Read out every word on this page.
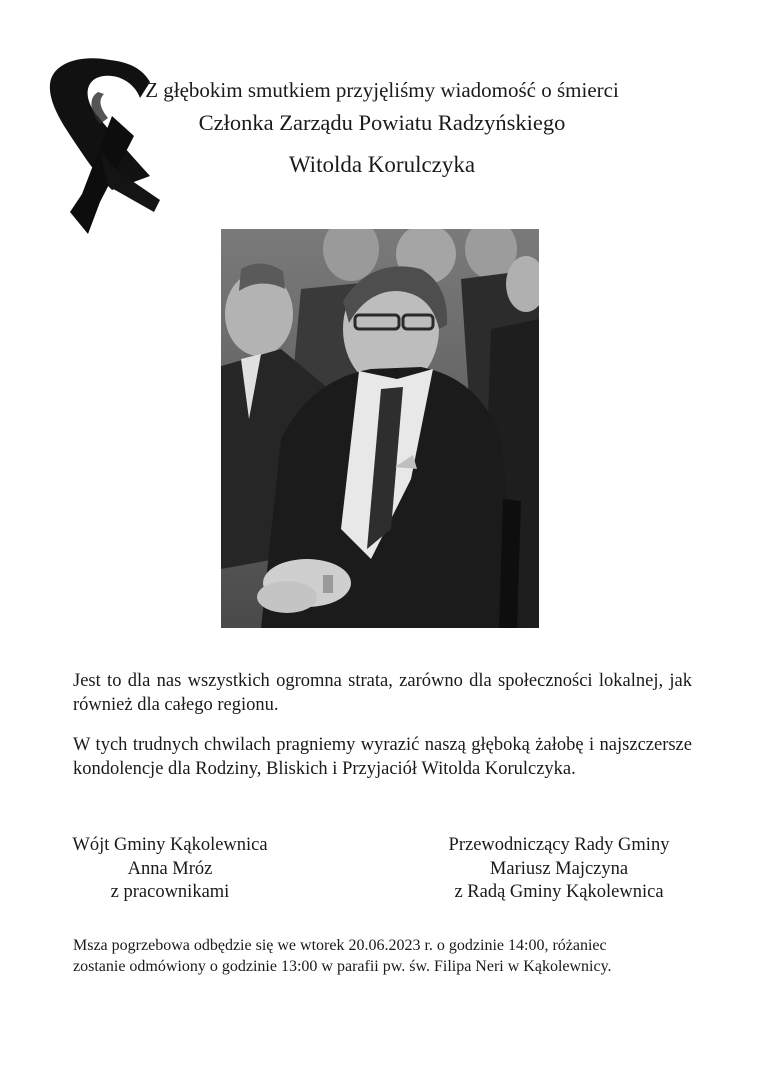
Z głębokim smutkiem przyjęliśmy wiadomość o śmierci
Członka Zarządu Powiatu Radzyńskiego
Witolda Korulczyka

Jest to dla nas wszystkich ogromna strata, zarówno dla społeczności lokalnej, jak również dla całego regionu.

W tych trudnych chwilach pragniemy wyrazić naszą głęboką żałobę i najszczersze kondolencje dla Rodziny, Bliskich i Przyjaciół Witolda Korulczyka.

Wójt Gminy Kąkolewnica
Anna Mróz
z pracownikami
Przewodniczący Rady Gminy
Mariusz Majczyna
z Radą Gminy Kąkolewnica

Msza pogrzebowa odbędzie się we wtorek 20.06.2023 r. o godzinie 14:00, różaniec
zostanie odmówiony o godzinie 13:00 w parafii pw. św. Filipa Neri w Kąkolewnicy.
